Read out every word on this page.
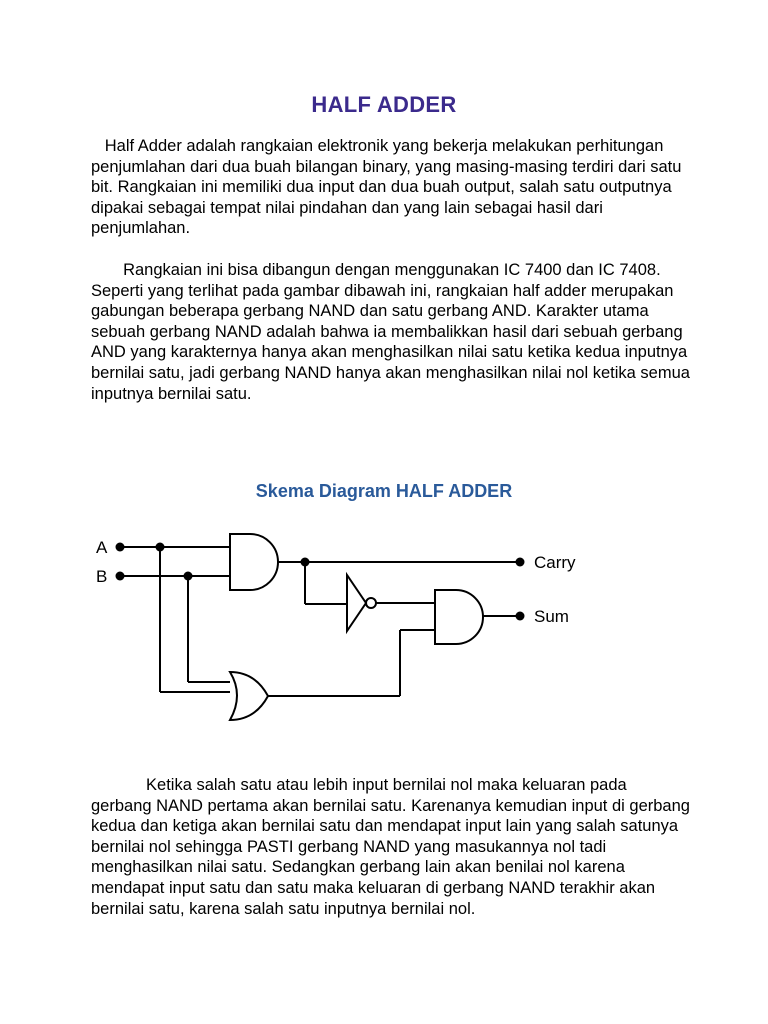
HALF ADDER

Half Adder adalah rangkaian elektronik yang bekerja melakukan perhitungan penjumlahan dari dua buah bilangan binary, yang masing-masing terdiri dari satu bit. Rangkaian ini memiliki dua input dan dua buah output, salah satu outputnya dipakai sebagai tempat nilai pindahan dan yang lain sebagai hasil dari penjumlahan.

Rangkaian ini bisa dibangun dengan menggunakan IC 7400 dan IC 7408. Seperti yang terlihat pada gambar dibawah ini, rangkaian half adder merupakan gabungan beberapa gerbang NAND dan satu gerbang AND. Karakter utama sebuah gerbang NAND adalah bahwa ia membalikkan hasil dari sebuah gerbang AND yang karakternya hanya akan menghasilkan nilai satu ketika kedua inputnya bernilai satu, jadi gerbang NAND hanya akan menghasilkan nilai nol ketika semua inputnya bernilai satu.

Skema Diagram HALF ADDER
A
B
Carry
Sum

Ketika salah satu atau lebih input bernilai nol maka keluaran pada gerbang NAND pertama akan bernilai satu. Karenanya kemudian input di gerbang kedua dan ketiga akan bernilai satu dan mendapat input lain yang salah satunya bernilai nol sehingga PASTI gerbang NAND yang masukannya nol tadi menghasilkan nilai satu. Sedangkan gerbang lain akan benilai nol karena mendapat input satu dan satu maka keluaran di gerbang NAND terakhir akan bernilai satu, karena salah satu inputnya bernilai nol.
